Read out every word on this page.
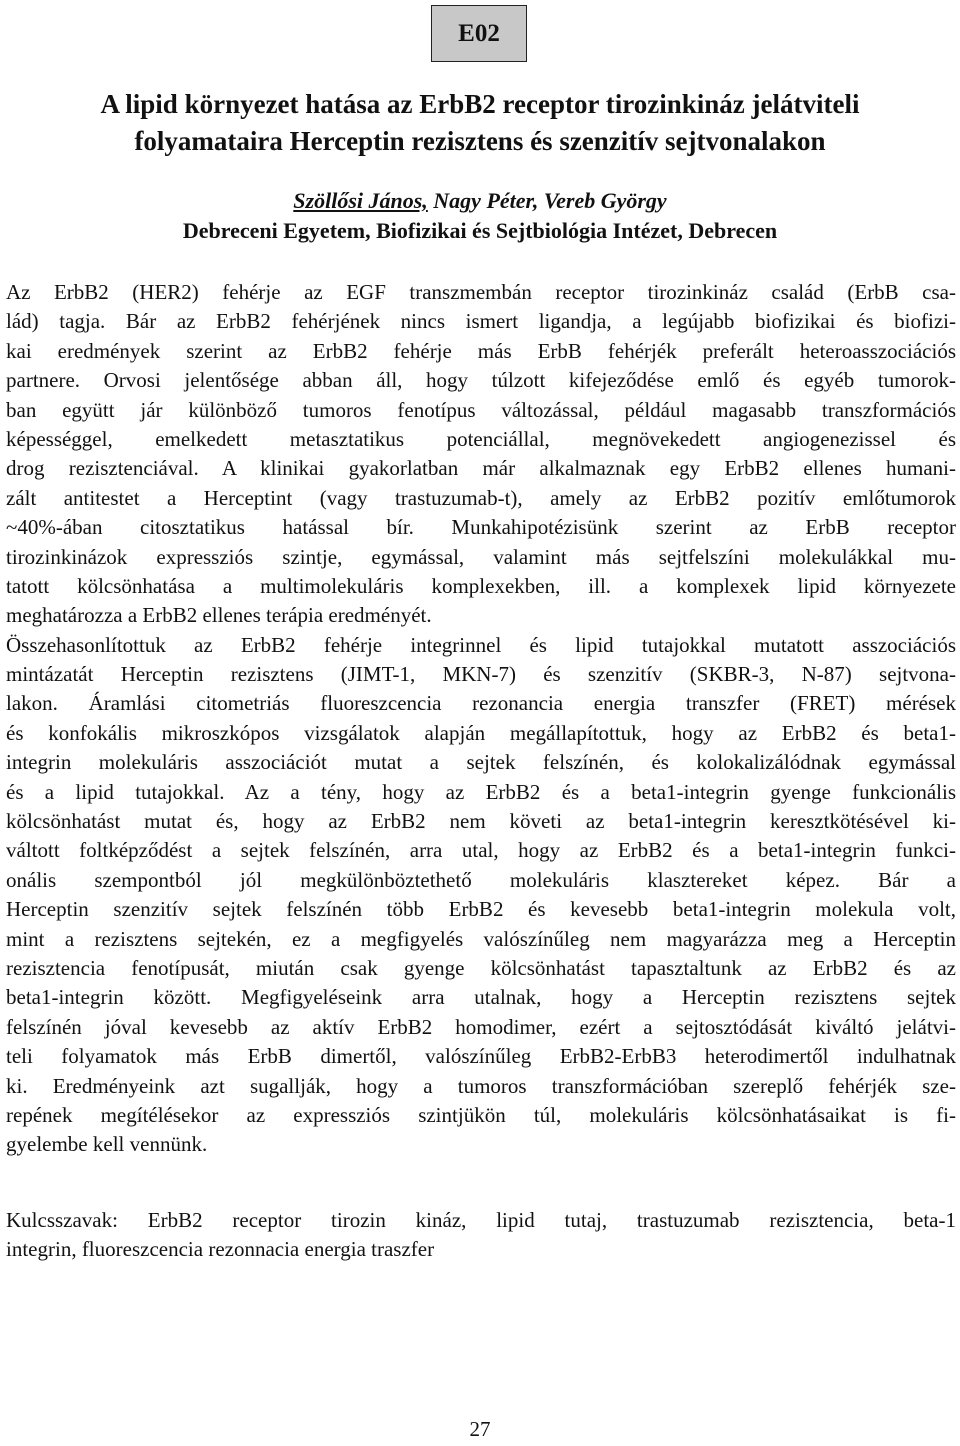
E02
A lipid környezet hatása az ErbB2 receptor tirozinkináz jelátviteli
folyamataira Herceptin rezisztens és szenzitív sejtvonalakon
Szöllősi János, Nagy Péter, Vereb György
Debreceni Egyetem, Biofizikai és Sejtbiológia Intézet, Debrecen
Az ErbB2 (HER2) fehérje az EGF transzmembán receptor tirozinkináz család (ErbB csa-
lád) tagja. Bár az ErbB2 fehérjének nincs ismert ligandja, a legújabb biofizikai és biofizi-
kai eredmények szerint az ErbB2 fehérje más ErbB fehérjék preferált heteroasszociációs
partnere. Orvosi jelentősége abban áll, hogy túlzott kifejeződése emlő és egyéb tumorok-
ban együtt jár különböző tumoros fenotípus változással, például magasabb transzformációs
képességgel, emelkedett metasztatikus potenciállal, megnövekedett angiogenezissel és
drog rezisztenciával. A klinikai gyakorlatban már alkalmaznak egy ErbB2 ellenes humani-
zált antitestet a Herceptint (vagy trastuzumab-t), amely az ErbB2 pozitív emlőtumorok
~40%-ában citosztatikus hatással bír. Munkahipotézisünk szerint az ErbB receptor
tirozinkinázok expressziós szintje, egymással, valamint más sejtfelszíni molekulákkal mu-
tatott kölcsönhatása a multimolekuláris komplexekben, ill. a komplexek lipid környezete
meghatározza a ErbB2 ellenes terápia eredményét.
Összehasonlítottuk az ErbB2 fehérje integrinnel és lipid tutajokkal mutatott asszociációs
mintázatát Herceptin rezisztens (JIMT-1, MKN-7) és szenzitív (SKBR-3, N-87) sejtvona-
lakon. Áramlási citometriás fluoreszcencia rezonancia energia transzfer (FRET) mérések
és konfokális mikroszkópos vizsgálatok alapján megállapítottuk, hogy az ErbB2 és beta1-
integrin molekuláris asszociációt mutat a sejtek felszínén, és kolokalizálódnak egymással
és a lipid tutajokkal. Az a tény, hogy az ErbB2 és a beta1-integrin gyenge funkcionális
kölcsönhatást mutat és, hogy az ErbB2 nem követi az beta1-integrin keresztkötésével ki-
váltott foltképződést a sejtek felszínén, arra utal, hogy az ErbB2 és a beta1-integrin funkci-
onális szempontból jól megkülönböztethető molekuláris klasztereket képez. Bár a
Herceptin szenzitív sejtek felszínén több ErbB2 és kevesebb beta1-integrin molekula volt,
mint a rezisztens sejtekén, ez a megfigyelés valószínűleg nem magyarázza meg a Herceptin
rezisztencia fenotípusát, miután csak gyenge kölcsönhatást tapasztaltunk az ErbB2 és az
beta1-integrin között. Megfigyeléseink arra utalnak, hogy a Herceptin rezisztens sejtek
felszínén jóval kevesebb az aktív ErbB2 homodimer, ezért a sejtosztódását kiváltó jelátvi-
teli folyamatok más ErbB dimertől, valószínűleg ErbB2-ErbB3 heterodimertől indulhatnak
ki. Eredményeink azt sugallják, hogy a tumoros transzformációban szereplő fehérjék sze-
repének megítélésekor az expressziós szintjükön túl, molekuláris kölcsönhatásaikat is fi-
gyelembe kell vennünk.
Kulcsszavak: ErbB2 receptor tirozin kináz, lipid tutaj, trastuzumab rezisztencia, beta-1
integrin, fluoreszcencia rezonnacia energia traszfer
27
